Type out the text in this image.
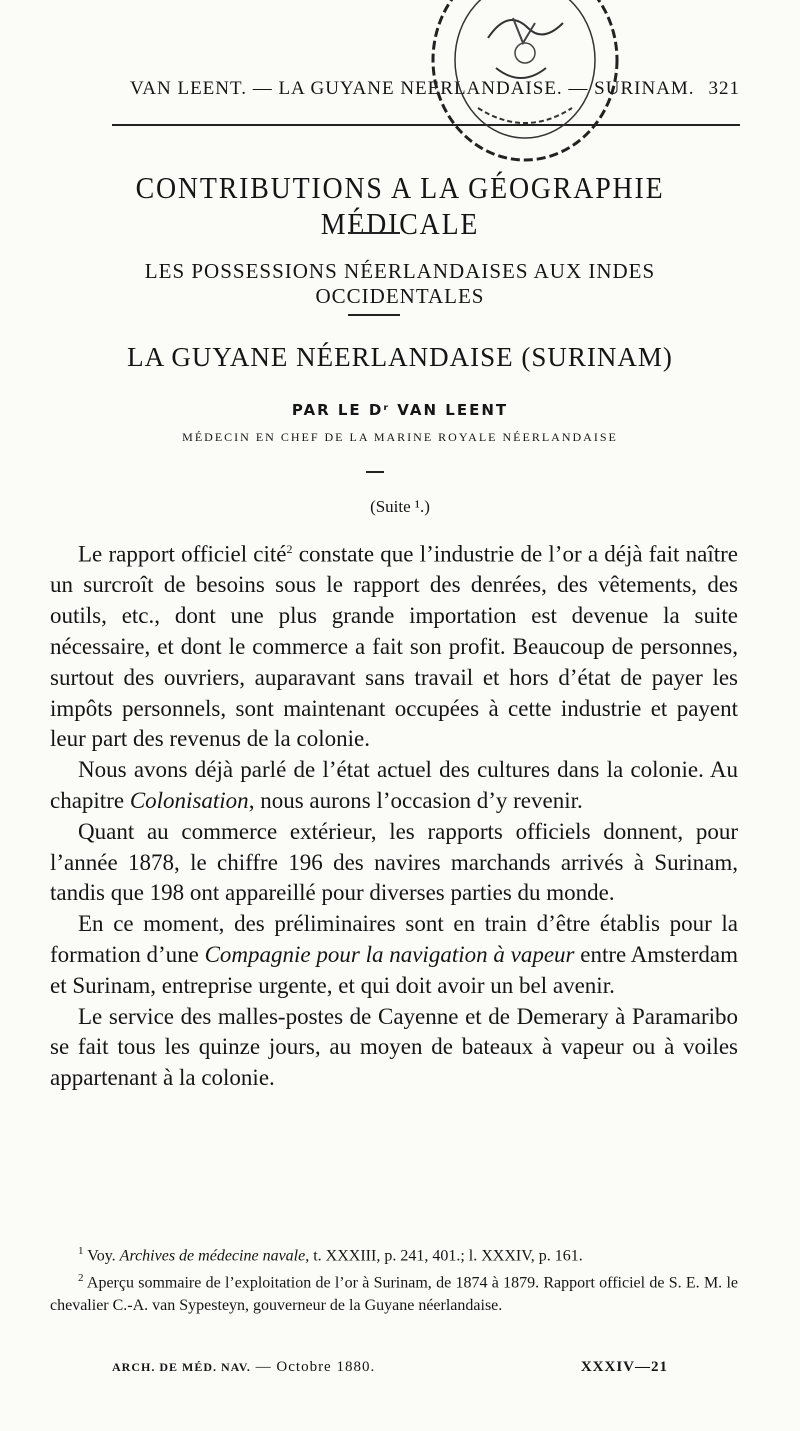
VAN LEENT. — LA GUYANE NEERLANDAISE. — SURINAM. 321
CONTRIBUTIONS A LA GÉOGRAPHIE MÉDICALE
LES POSSESSIONS NÉERLANDAISES AUX INDES OCCIDENTALES
LA GUYANE NÉERLANDAISE (SURINAM)
PAR LE Dʳ VAN LEENT
MÉDECIN EN CHEF DE LA MARINE ROYALE NÉERLANDAISE
(Suite ¹.)

Le rapport officiel cité$^2$ constate que l’industrie de l’or a déjà fait naître un surcroît de besoins sous le rapport des denrées, des vêtements, des outils, etc., dont une plus grande importation est devenue la suite nécessaire, et dont le commerce a fait son profit. Beaucoup de personnes, surtout des ouvriers, auparavant sans travail et hors d’état de payer les impôts personnels, sont maintenant occupées à cette industrie et payent leur part des revenus de la colonie.

Nous avons déjà parlé de l’état actuel des cultures dans la colonie. Au chapitre Colonisation, nous aurons l’occasion d’y revenir.

Quant au commerce extérieur, les rapports officiels donnent, pour l’année 1878, le chiffre 196 des navires marchands arrivés à Surinam, tandis que 198 ont appareillé pour diverses parties du monde.

En ce moment, des préliminaires sont en train d’être établis pour la formation d’une Compagnie pour la navigation à vapeur entre Amsterdam et Surinam, entreprise urgente, et qui doit avoir un bel avenir.

Le service des malles-postes de Cayenne et de Demerary à Paramaribo se fait tous les quinze jours, au moyen de bateaux à vapeur ou à voiles appartenant à la colonie.

$^1$ Voy. Archives de médecine navale, t. XXXIII, p. 241, 401.; l. XXXIV, p. 161.

$^2$ Aperçu sommaire de l’exploitation de l’or à Surinam, de 1874 à 1879. Rapport officiel de S. E. M. le chevalier C.-A. van Sypesteyn, gouverneur de la Guyane néerlandaise.

ARCH. DE MÉD. NAV. — Octobre 1880.	XXXIV—21
